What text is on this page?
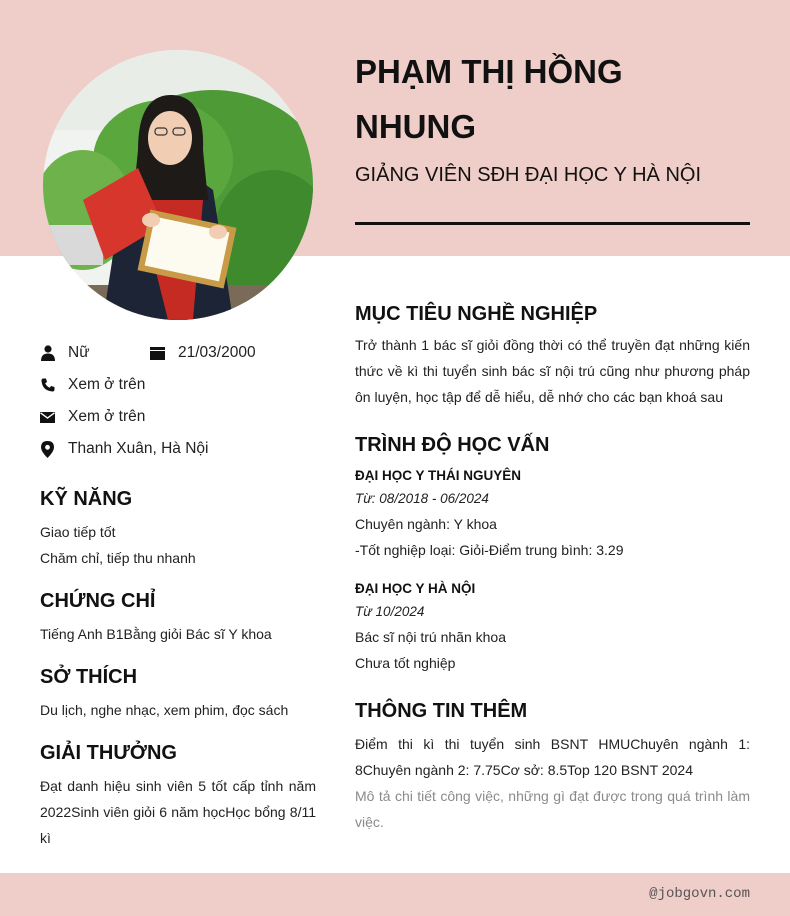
PHẠM THỊ HỒNG NHUNG
GIẢNG VIÊN SĐH ĐẠI HỌC Y HÀ NỘI
Nữ	21/03/2000
Xem ở trên
Xem ở trên
Thanh Xuân, Hà Nội
KỸ NĂNG
Giao tiếp tốt
Chăm chỉ, tiếp thu nhanh
CHỨNG CHỈ
Tiếng Anh B1Bằng giỏi Bác sĩ Y khoa
SỞ THÍCH
Du lịch, nghe nhạc, xem phim, đọc sách
GIẢI THƯỞNG
Đạt danh hiệu sinh viên 5 tốt cấp tỉnh năm 2022Sinh viên giỏi 6 năm họcHọc bổng 8/11 kì
MỤC TIÊU NGHỀ NGHIỆP
Trở thành 1 bác sĩ giỏi đồng thời có thể truyền đạt những kiến thức về kì thi tuyển sinh bác sĩ nội trú cũng như phương pháp ôn luyện, học tập để dễ hiểu, dễ nhớ cho các bạn khoá sau
TRÌNH ĐỘ HỌC VẤN
ĐẠI HỌC Y THÁI NGUYÊN
Từ: 08/2018 - 06/2024
Chuyên ngành: Y khoa
-Tốt nghiệp loại: Giỏi-Điểm trung bình: 3.29
ĐẠI HỌC Y HÀ NỘI
Từ 10/2024
Bác sĩ nội trú nhãn khoa
Chưa tốt nghiệp
THÔNG TIN THÊM
Điểm thi kì thi tuyển sinh BSNT HMUChuyên ngành 1: 8Chuyên ngành 2: 7.75Cơ sở: 8.5Top 120 BSNT 2024
Mô tả chi tiết công việc, những gì đạt được trong quá trình làm việc.
@jobgovn.com
